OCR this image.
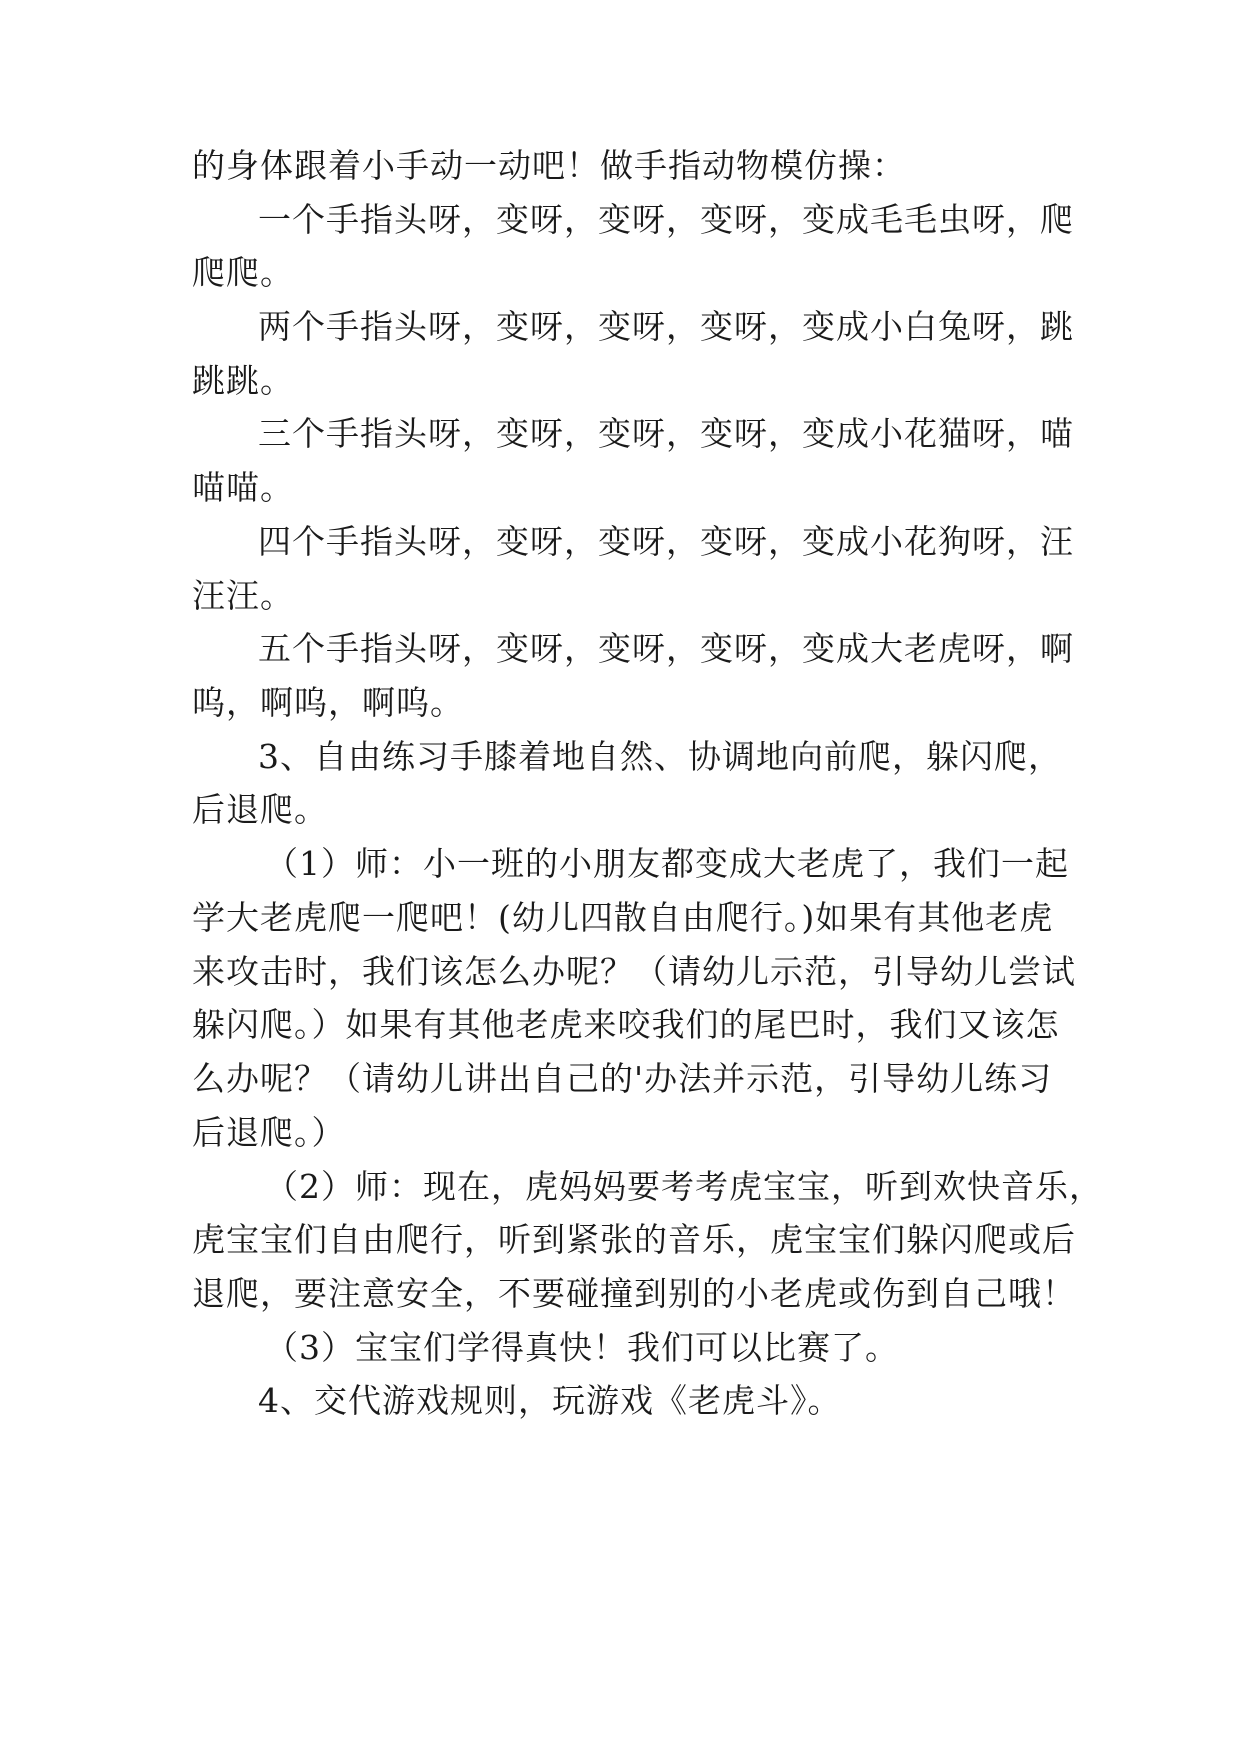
的身体跟着小手动一动吧！做手指动物模仿操：
一个手指头呀，变呀，变呀，变呀，变成毛毛虫呀，爬
爬爬。
两个手指头呀，变呀，变呀，变呀，变成小白兔呀，跳
跳跳。
三个手指头呀，变呀，变呀，变呀，变成小花猫呀，喵
喵喵。
四个手指头呀，变呀，变呀，变呀，变成小花狗呀，汪
汪汪。
五个手指头呀，变呀，变呀，变呀，变成大老虎呀，啊
呜，啊呜，啊呜。
3、自由练习手膝着地自然、协调地向前爬，躲闪爬，
后退爬。
（1）师：小一班的小朋友都变成大老虎了，我们一起
学大老虎爬一爬吧！(幼儿四散自由爬行。)如果有其他老虎
来攻击时，我们该怎么办呢？（请幼儿示范，引导幼儿尝试
躲闪爬。）如果有其他老虎来咬我们的尾巴时，我们又该怎
么办呢？（请幼儿讲出自己的'办法并示范，引导幼儿练习
后退爬。）
（2）师：现在，虎妈妈要考考虎宝宝，听到欢快音乐，
虎宝宝们自由爬行，听到紧张的音乐，虎宝宝们躲闪爬或后
退爬，要注意安全，不要碰撞到别的小老虎或伤到自己哦！
（3）宝宝们学得真快！我们可以比赛了。
4、交代游戏规则，玩游戏《老虎斗》。
